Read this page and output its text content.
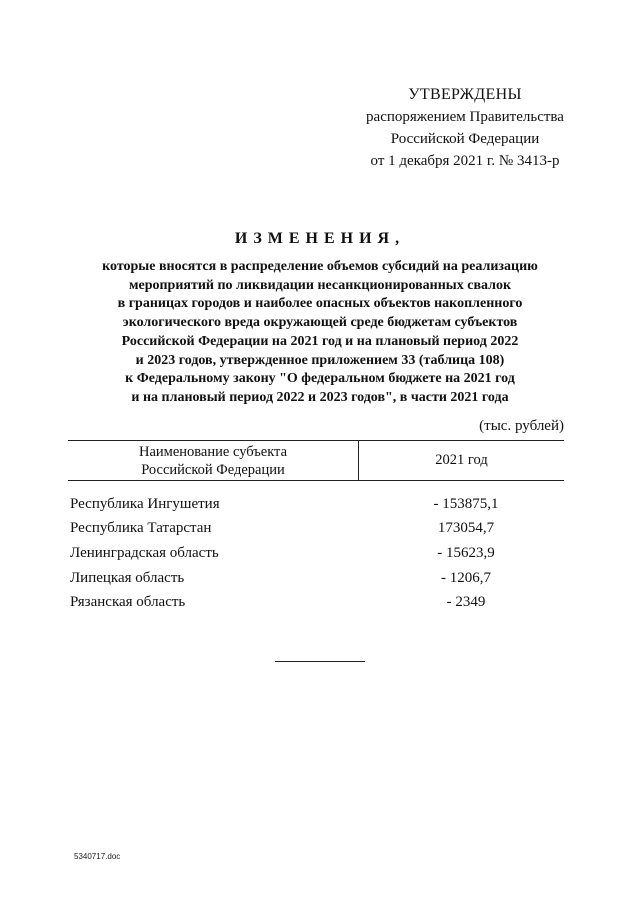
УТВЕРЖДЕНЫ
распоряжением Правительства
Российской Федерации
от 1 декабря 2021 г. № 3413-р
ИЗМЕНЕНИЯ,
которые вносятся в распределение объемов субсидий на реализацию
мероприятий по ликвидации несанкционированных свалок
в границах городов и наиболее опасных объектов накопленного
экологического вреда окружающей среде бюджетам субъектов
Российской Федерации на 2021 год и на плановый период 2022
и 2023 годов, утвержденное приложением 33 (таблица 108)
к Федеральному закону "О федеральном бюджете на 2021 год
и на плановый период 2022 и 2023 годов", в части 2021 года
(тыс. рублей)
Наименование субъекта
Российской Федерации
2021 год
Республика Ингушетия	- 153875,1
Республика Татарстан	173054,7
Ленинградская область	- 15623,9
Липецкая область	- 1206,7
Рязанская область	- 2349
5340717.doc
